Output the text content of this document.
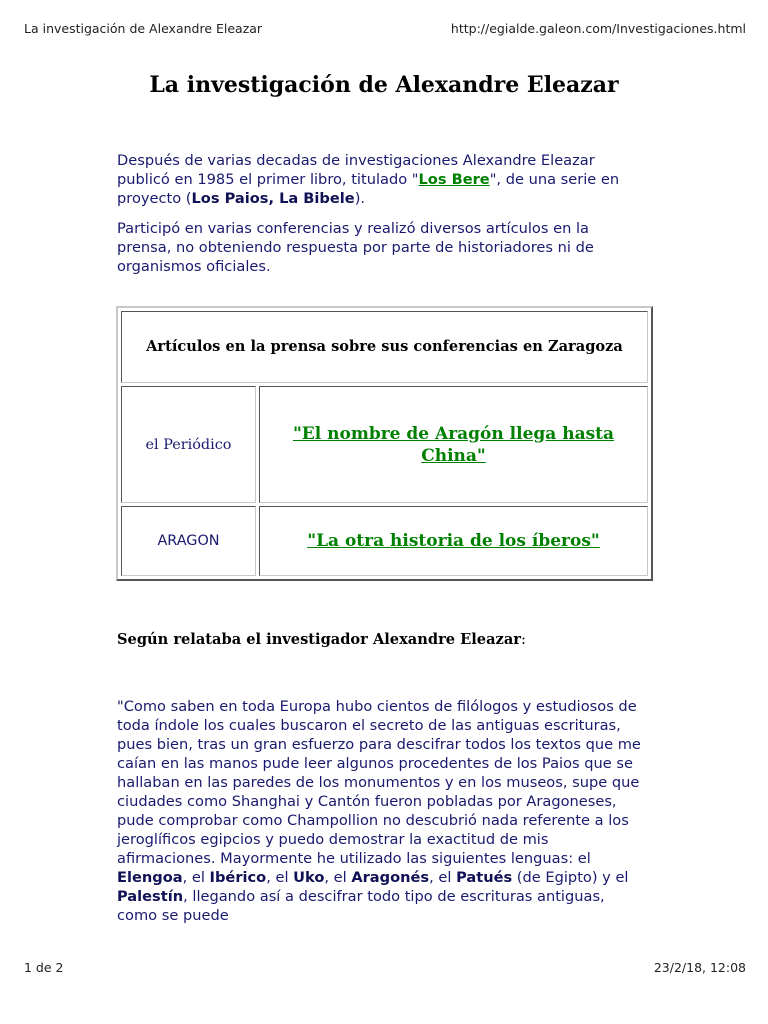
La investigación de Alexandre Eleazar	http://egialde.galeon.com/Investigaciones.html
La investigación de Alexandre Eleazar

Después de varias decadas de investigaciones Alexandre Eleazar publicó en 1985 el primer libro, titulado "Los Bere", de una serie en proyecto (Los Paios, La Bibele).

Participó en varias conferencias y realizó diversos artículos en la prensa, no obteniendo respuesta por parte de historiadores ni de organismos oficiales.

Artículos en la prensa sobre sus conferencias en Zaragoza	
el Periódico	"El nombre de Aragón llega hasta China"
ARAGON	"La otra historia de los íberos"

Según relataba el investigador Alexandre Eleazar:

"Como saben en toda Europa hubo cientos de filólogos y estudiosos de toda índole los cuales buscaron el secreto de las antiguas escrituras, pues bien, tras un gran esfuerzo para descifrar todos los textos que me caían en las manos pude leer algunos procedentes de los Paios que se hallaban en las paredes de los monumentos y en los museos, supe que ciudades como Shanghai y Cantón fueron pobladas por Aragoneses, pude comprobar como Champollion no descubrió nada referente a los jeroglíficos egipcios y puedo demostrar la exactitud de mis afirmaciones. Mayormente he utilizado las siguientes lenguas: el Elengoa, el Ibérico, el Uko, el Aragonés, el Patués (de Egipto) y el Palestín, llegando así a descifrar todo tipo de escrituras antiguas, como se puede

1 de 2	23/2/18, 12:08
